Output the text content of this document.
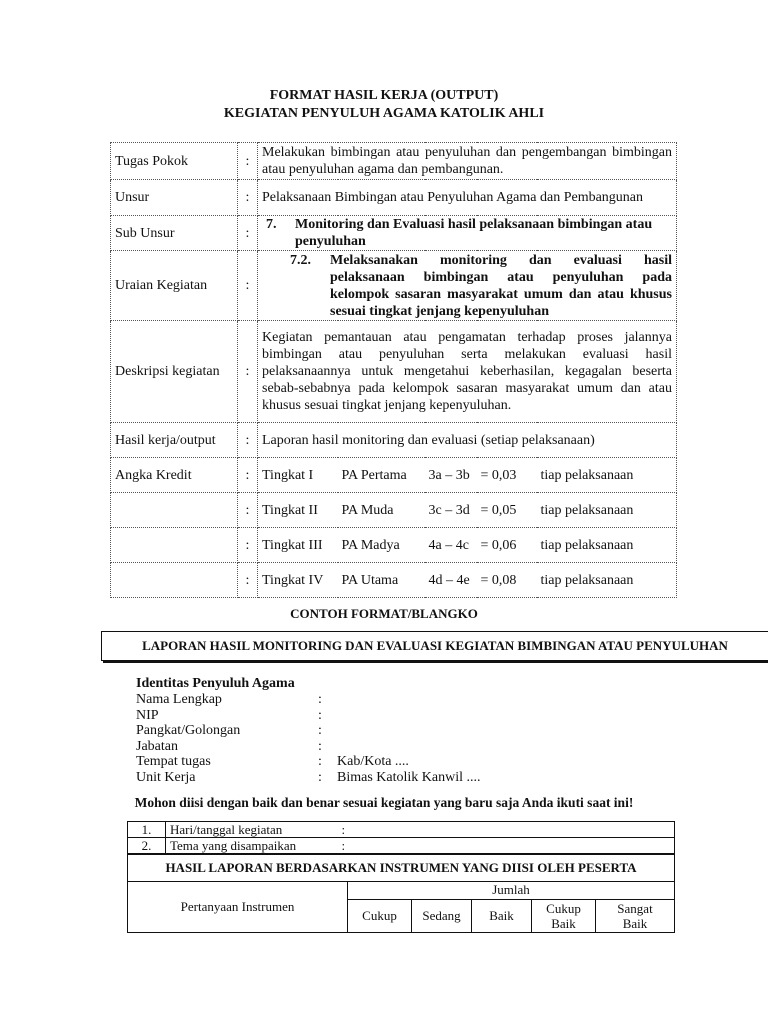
FORMAT HASIL KERJA (OUTPUT)
KEGIATAN PENYULUH AGAMA KATOLIK AHLI
Tugas Pokok	:	Melakukan bimbingan atau penyuluhan dan pengembangan bimbingan atau penyuluhan agama dan pembangunan.				
Unsur	:	Pelaksanaan Bimbingan atau Penyuluhan Agama dan Pembangunan				
Sub Unsur	:	7. Monitoring dan Evaluasi hasil pelaksanaan bimbingan atau penyuluhan				

Uraian Kegiatan	:	7.2. Melaksanakan monitoring dan evaluasi hasil pelaksanaan bimbingan atau penyuluhan pada kelompok sasaran masyarakat umum dan atau khusus sesuai tingkat jenjang kepenyuluhan				

Deskripsi kegiatan	:	Kegiatan pemantauan atau pengamatan terhadap proses jalannya bimbingan atau penyuluhan serta melakukan evaluasi hasil pelaksanaannya untuk mengetahui keberhasilan, kegagalan beserta sebab-sebabnya pada kelompok sasaran masyarakat umum dan atau khusus sesuai tingkat jenjang kepenyuluhan.				
Hasil kerja/output	:	Laporan hasil monitoring dan evaluasi (setiap pelaksanaan)				
Angka Kredit	:	Tingkat I	PA Pertama	3a – 3b	= 0,03	tiap pelaksanaan
	:	Tingkat II	PA Muda	3c – 3d	= 0,05	tiap pelaksanaan
	:	Tingkat III	PA Madya	4a – 4c	= 0,06	tiap pelaksanaan
	:	Tingkat IV	PA Utama	4d – 4e	= 0,08	tiap pelaksanaan
CONTOH FORMAT/BLANGKO
LAPORAN HASIL MONITORING DAN EVALUASI KEGIATAN BIMBINGAN ATAU PENYULUHAN
Identitas Penyuluh Agama
Nama Lengkap	:
NIP	:
Pangkat/Golongan	:
Jabatan	:
Tempat tugas	: Kab/Kota ....
Unit Kerja	: Bimas Katolik Kanwil ....
Mohon diisi dengan baik dan benar sesuai kegiatan yang baru saja Anda ikuti saat ini!
1.	Hari/tanggal kegiatan	:
2.	Tema yang disampaikan	:
HASIL LAPORAN BERDASARKAN INSTRUMEN YANG DIISI OLEH PESERTA					
Pertanyaan Instrumen	Jumlah				
	Cukup	Sedang	Baik	Cukup Baik	Sangat Baik
